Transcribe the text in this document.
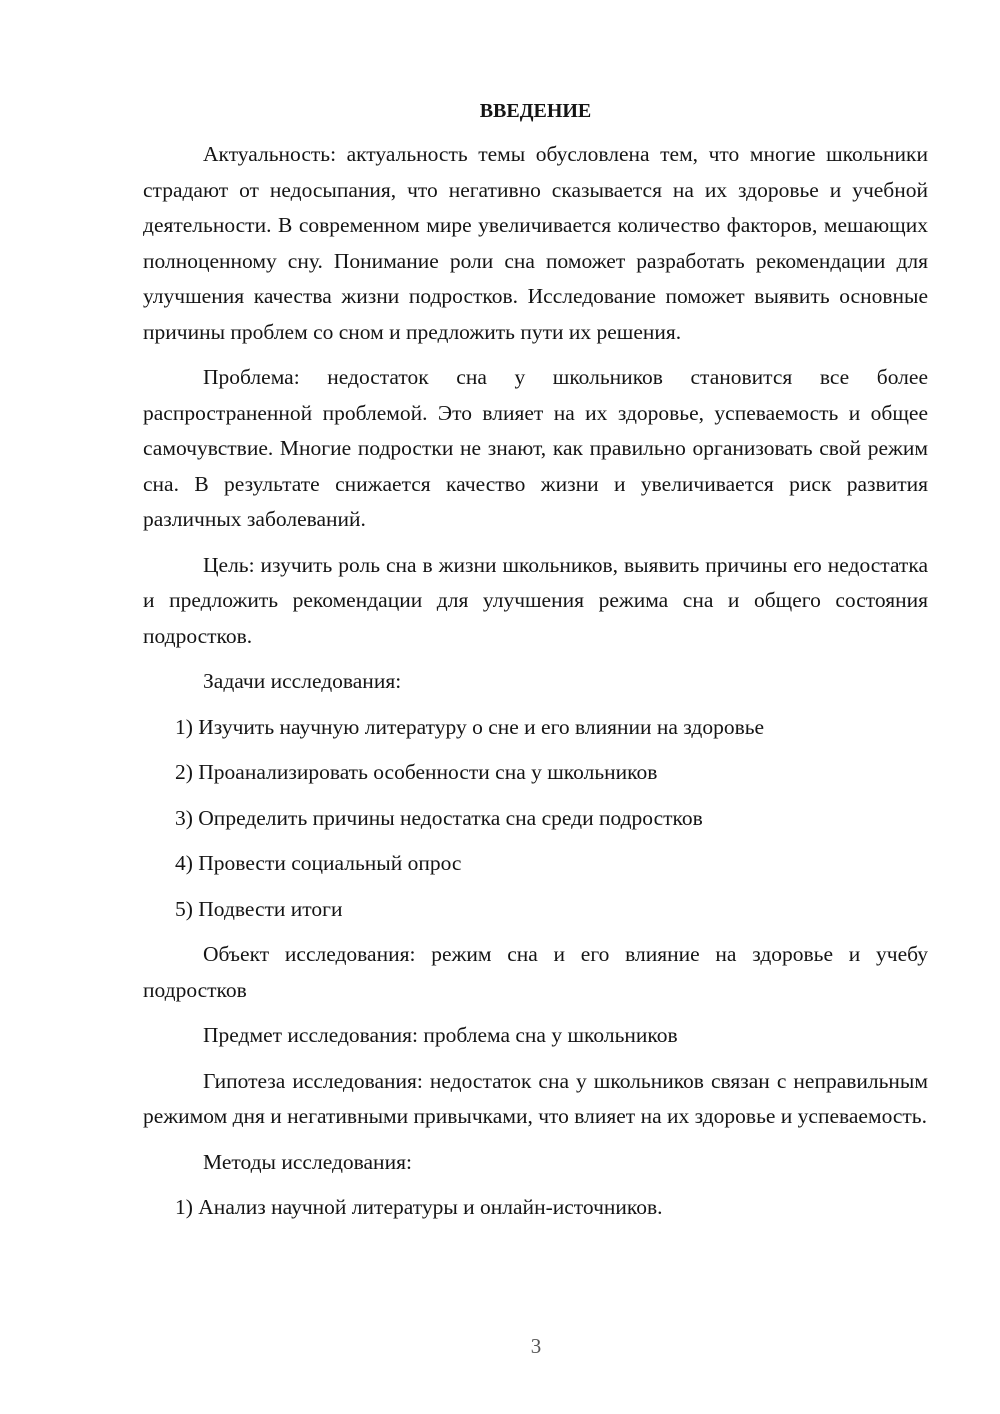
ВВЕДЕНИЕ
Актуальность: актуальность темы обусловлена тем, что многие школьники страдают от недосыпания, что негативно сказывается на их здоровье и учебной деятельности. В современном мире увеличивается количество факторов, мешающих полноценному сну. Понимание роли сна поможет разработать рекомендации для улучшения качества жизни подростков. Исследование поможет выявить основные причины проблем со сном и предложить пути их решения.
Проблема: недостаток сна у школьников становится все более распространенной проблемой. Это влияет на их здоровье, успеваемость и общее самочувствие. Многие подростки не знают, как правильно организовать свой режим сна. В результате снижается качество жизни и увеличивается риск развития различных заболеваний.
Цель: изучить роль сна в жизни школьников, выявить причины его недостатка и предложить рекомендации для улучшения режима сна и общего состояния подростков.
Задачи исследования:
1) Изучить научную литературу о сне и его влиянии на здоровье
2) Проанализировать особенности сна у школьников
3) Определить причины недостатка сна среди подростков
4) Провести социальный опрос
5) Подвести итоги
Объект исследования: режим сна и его влияние на здоровье и учебу подростков
Предмет исследования: проблема сна у школьников
Гипотеза исследования: недостаток сна у школьников связан с неправильным режимом дня и негативными привычками, что влияет на их здоровье и успеваемость.
Методы исследования:
1) Анализ научной литературы и онлайн-источников.
3
